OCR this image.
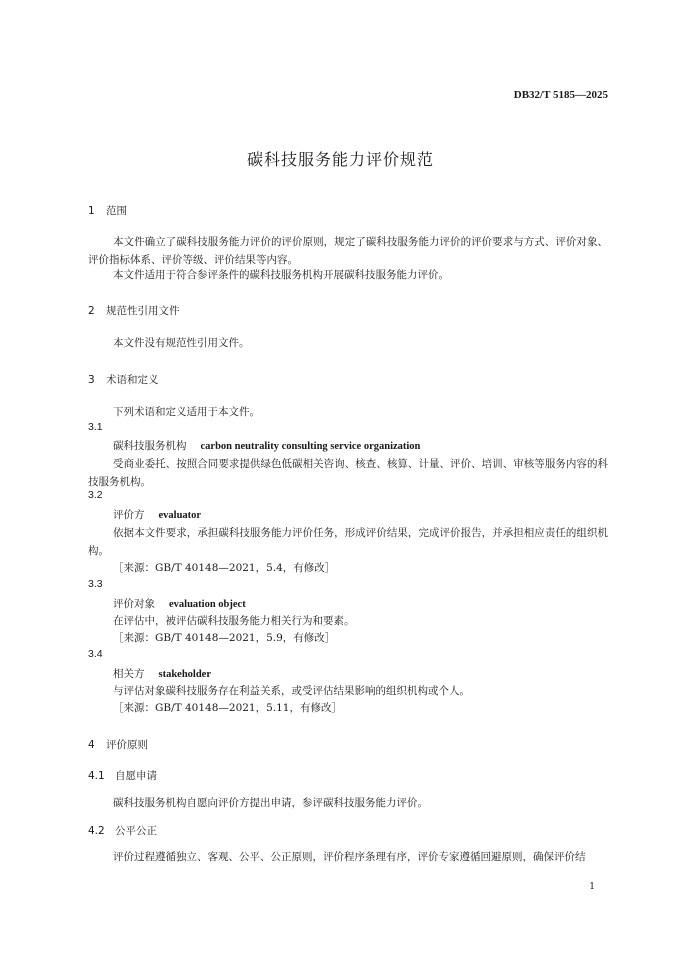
DB32/T 5185—2025
碳科技服务能力评价规范
1 范围
本文件确立了碳科技服务能力评价的评价原则，规定了碳科技服务能力评价的评价要求与方式、评价对象、评价指标体系、评价等级、评价结果等内容。
本文件适用于符合参评条件的碳科技服务机构开展碳科技服务能力评价。
2 规范性引用文件
本文件没有规范性引用文件。
3 术语和定义
下列术语和定义适用于本文件。
3.1
碳科技服务机构 carbon neutrality consulting service organization
受商业委托、按照合同要求提供绿色低碳相关咨询、核查、核算、计量、评价、培训、审核等服务内容的科技服务机构。
3.2
评价方 evaluator
依据本文件要求，承担碳科技服务能力评价任务，形成评价结果，完成评价报告，并承担相应责任的组织机构。
［来源：GB/T 40148—2021，5.4，有修改］
3.3
评价对象 evaluation object
在评估中，被评估碳科技服务能力相关行为和要素。
［来源：GB/T 40148—2021，5.9，有修改］
3.4
相关方 stakeholder
与评估对象碳科技服务存在利益关系，或受评估结果影响的组织机构或个人。
［来源：GB/T 40148—2021，5.11，有修改］
4 评价原则
4.1 自愿申请
碳科技服务机构自愿向评价方提出申请，参评碳科技服务能力评价。
4.2 公平公正
评价过程遵循独立、客观、公平、公正原则，评价程序条理有序，评价专家遵循回避原则，确保评价结
1
